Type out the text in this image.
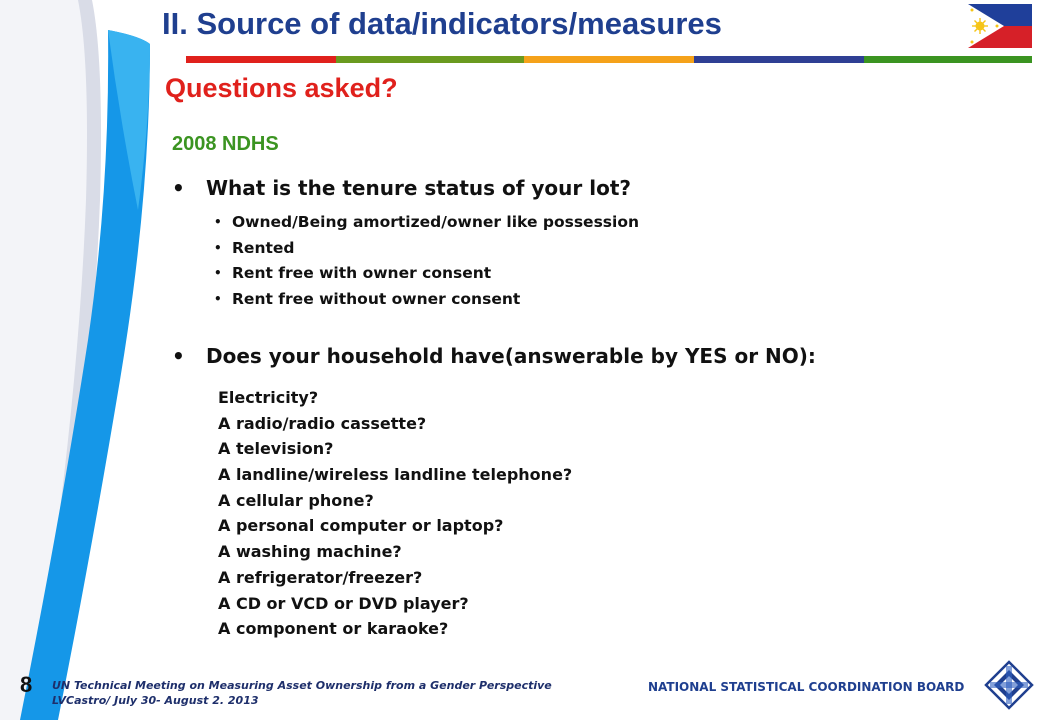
II. Source of data/indicators/measures
Questions asked?
2008 NDHS
•	What is the tenure status of your lot?
• Owned/Being amortized/owner like possession
• Rented
• Rent free with owner consent
• Rent free without owner consent
•	Does your household have(answerable by YES or NO):
Electricity?
A radio/radio cassette?
A television?
A landline/wireless landline telephone?
A cellular phone?
A personal computer or laptop?
A washing machine?
A refrigerator/freezer?
A CD or VCD or DVD player?
A component or karaoke?
8 UN Technical Meeting on Measuring Asset Ownership from a Gender Perspective
LVCastro/ July 30- August 2. 2013
NATIONAL STATISTICAL COORDINATION BOARD
